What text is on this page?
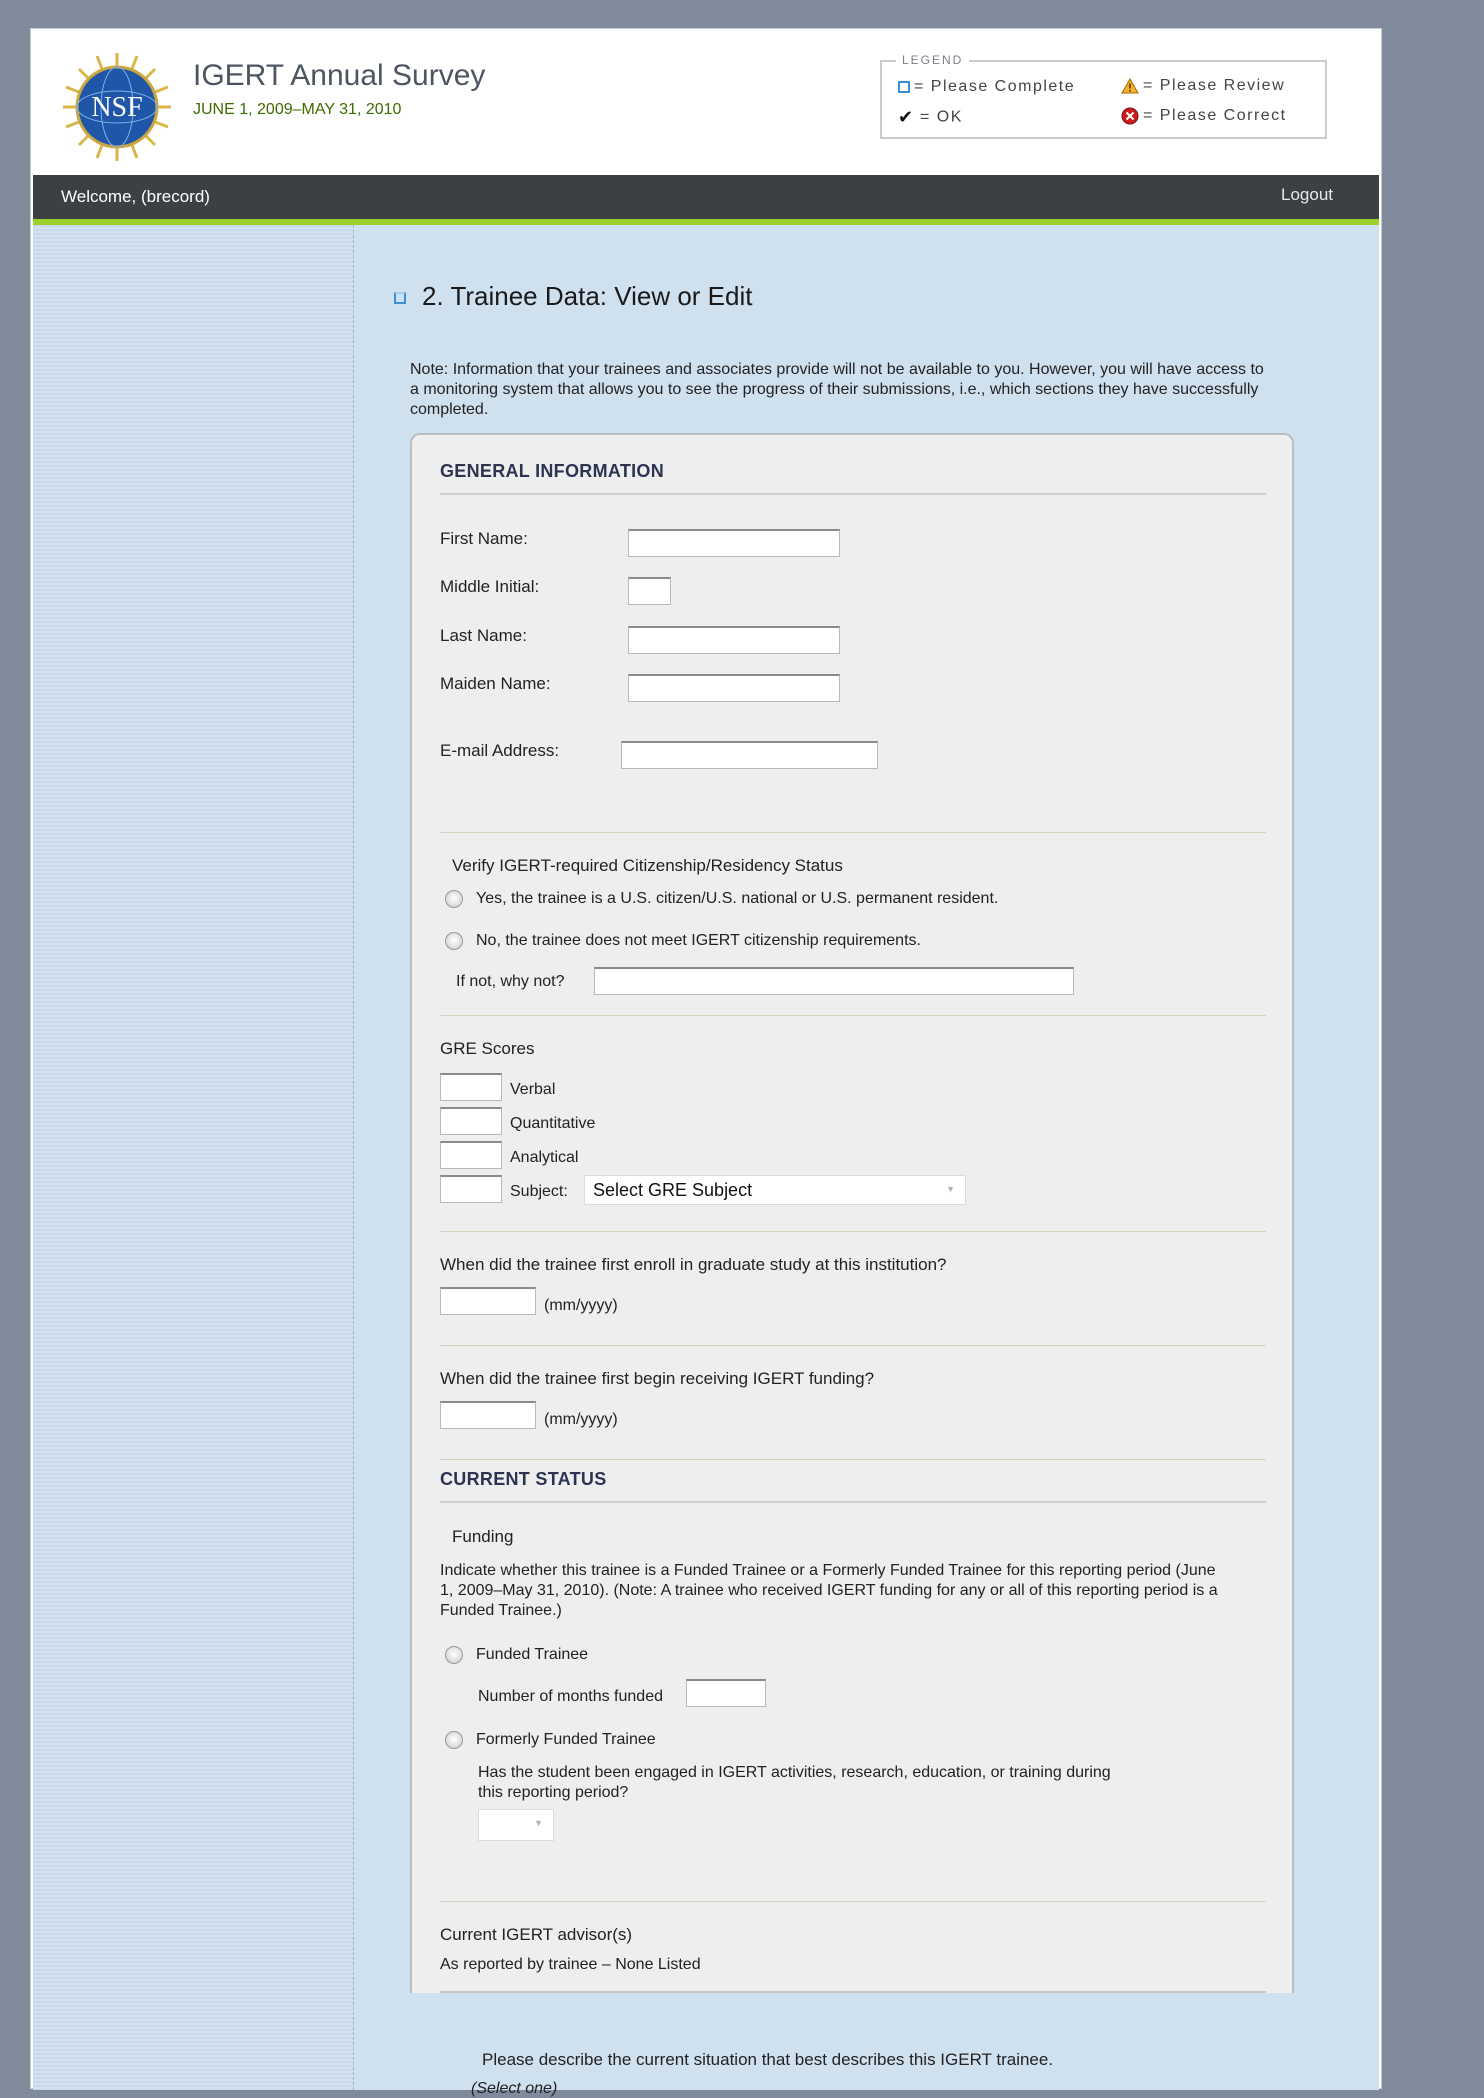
NSF
IGERT Annual Survey
JUNE 1, 2009–MAY 31, 2010
LEGEND
= Please Complete
✔ = OK
= Please Review
= Please Correct
Welcome, (brecord)	Logout
2. Trainee Data: View or Edit
Note: Information that your trainees and associates provide will not be available to you. However, you will have access to a monitoring system that allows you to see the progress of their submissions, i.e., which sections they have successfully completed.
GENERAL INFORMATION
First Name:
Middle Initial:
Last Name:
Maiden Name:
E-mail Address:
Verify IGERT-required Citizenship/Residency Status
Yes, the trainee is a U.S. citizen/U.S. national or U.S. permanent resident.
No, the trainee does not meet IGERT citizenship requirements.
If not, why not?
GRE Scores
Verbal
Quantitative
Analytical
Subject:	Select GRE Subject	▼
When did the trainee first enroll in graduate study at this institution?
(mm/yyyy)
When did the trainee first begin receiving IGERT funding?
(mm/yyyy)
CURRENT STATUS
Funding
Indicate whether this trainee is a Funded Trainee or a Formerly Funded Trainee for this reporting period (June 1, 2009–May 31, 2010). (Note: A trainee who received IGERT funding for any or all of this reporting period is a Funded Trainee.)
Funded Trainee
Number of months funded
Formerly Funded Trainee
Has the student been engaged in IGERT activities, research, education, or training during this reporting period?
▼
Current IGERT advisor(s)
As reported by trainee – None Listed
Please describe the current situation that best describes this IGERT trainee.
(Select one)
